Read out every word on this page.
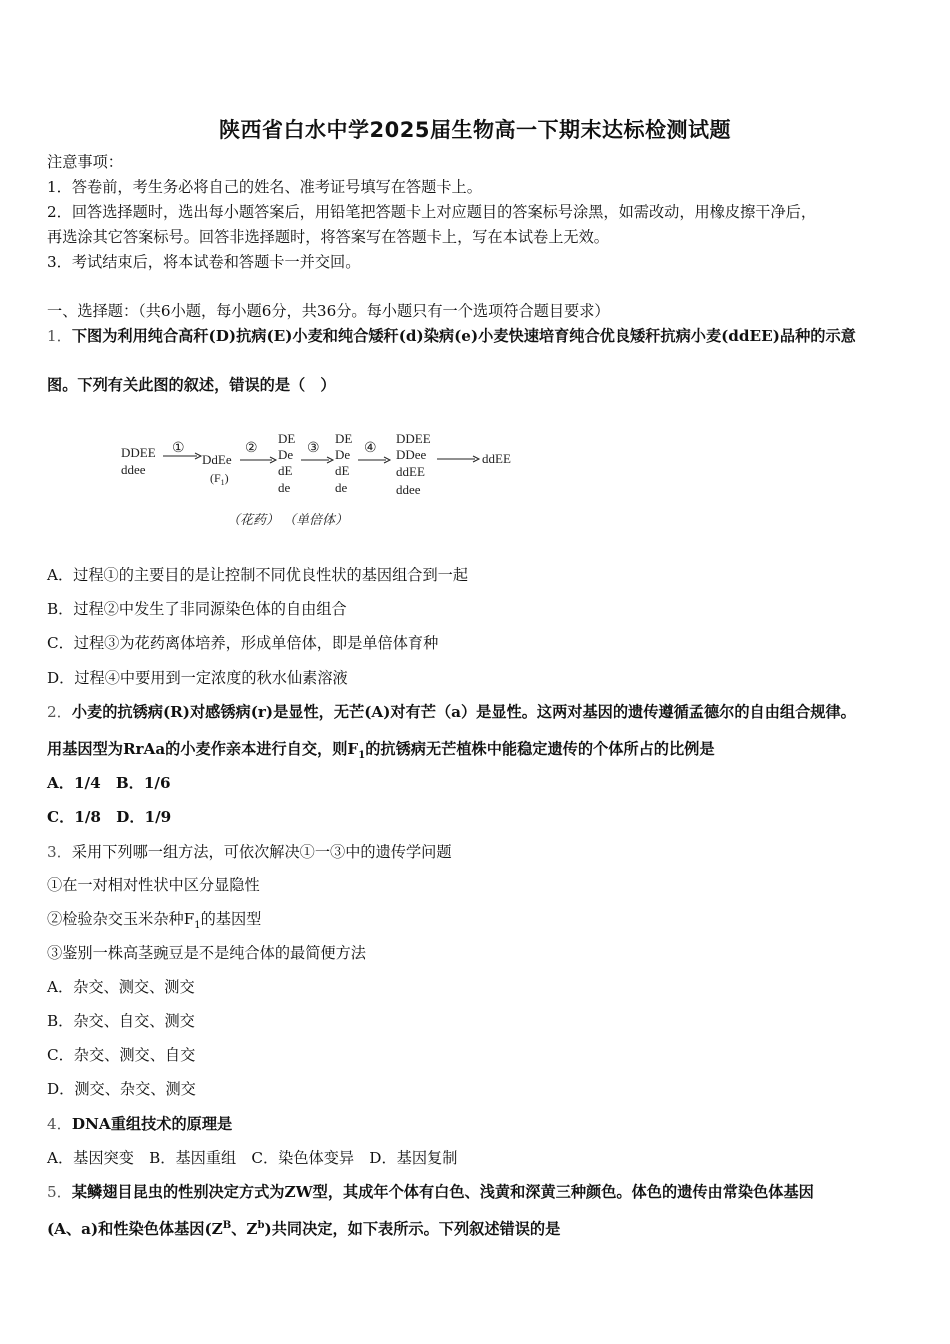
陕西省白水中学2025届生物高一下期末达标检测试题
注意事项：
1．答卷前，考生务必将自己的姓名、准考证号填写在答题卡上。
2．回答选择题时，选出每小题答案后，用铅笔把答题卡上对应题目的答案标号涂黑，如需改动，用橡皮擦干净后，
再选涂其它答案标号。回答非选择题时，将答案写在答题卡上，写在本试卷上无效。
3．考试结束后，将本试卷和答题卡一并交回。
一、选择题：（共6小题，每小题6分，共36分。每小题只有一个选项符合题目要求）
1．下图为利用纯合高秆(D)抗病(E)小麦和纯合矮秆(d)染病(e)小麦快速培育纯合优良矮秆抗病小麦(ddEE)品种的示意
图。下列有关此图的叙述，错误的是（　）
DDEE
ddee
①
DdEe
$(F_1)$
②
DE
De
dE
de
③
DE
De
dE
de
④
DDEE
DDee
ddEE
ddee
ddEE
（花药） （单倍体）
A．过程①的主要目的是让控制不同优良性状的基因组合到一起
B．过程②中发生了非同源染色体的自由组合
C．过程③为花药离体培养，形成单倍体，即是单倍体育种
D．过程④中要用到一定浓度的秋水仙素溶液
2．小麦的抗锈病(R)对感锈病(r)是显性，无芒(A)对有芒（a）是显性。这两对基因的遗传遵循孟德尔的自由组合规律。
用基因型为RrAa的小麦作亲本进行自交，则$F_1$的抗锈病无芒植株中能稳定遗传的个体所占的比例是
A．1/4　B．1/6
C．1/8　D．1/9
3．采用下列哪一组方法，可依次解决①一③中的遗传学问题
①在一对相对性状中区分显隐性
②检验杂交玉米杂种$F_1$的基因型
③鉴别一株高茎豌豆是不是纯合体的最简便方法
A．杂交、测交、测交
B．杂交、自交、测交
C．杂交、测交、自交
D．测交、杂交、测交
4．DNA重组技术的原理是
A．基因突变　B．基因重组　C．染色体变异　D．基因复制
5．某鳞翅目昆虫的性别决定方式为ZW型，其成年个体有白色、浅黄和深黄三种颜色。体色的遗传由常染色体基因
(A、a)和性染色体基因($Z^B$、$Z^b$)共同决定，如下表所示。下列叙述错误的是
